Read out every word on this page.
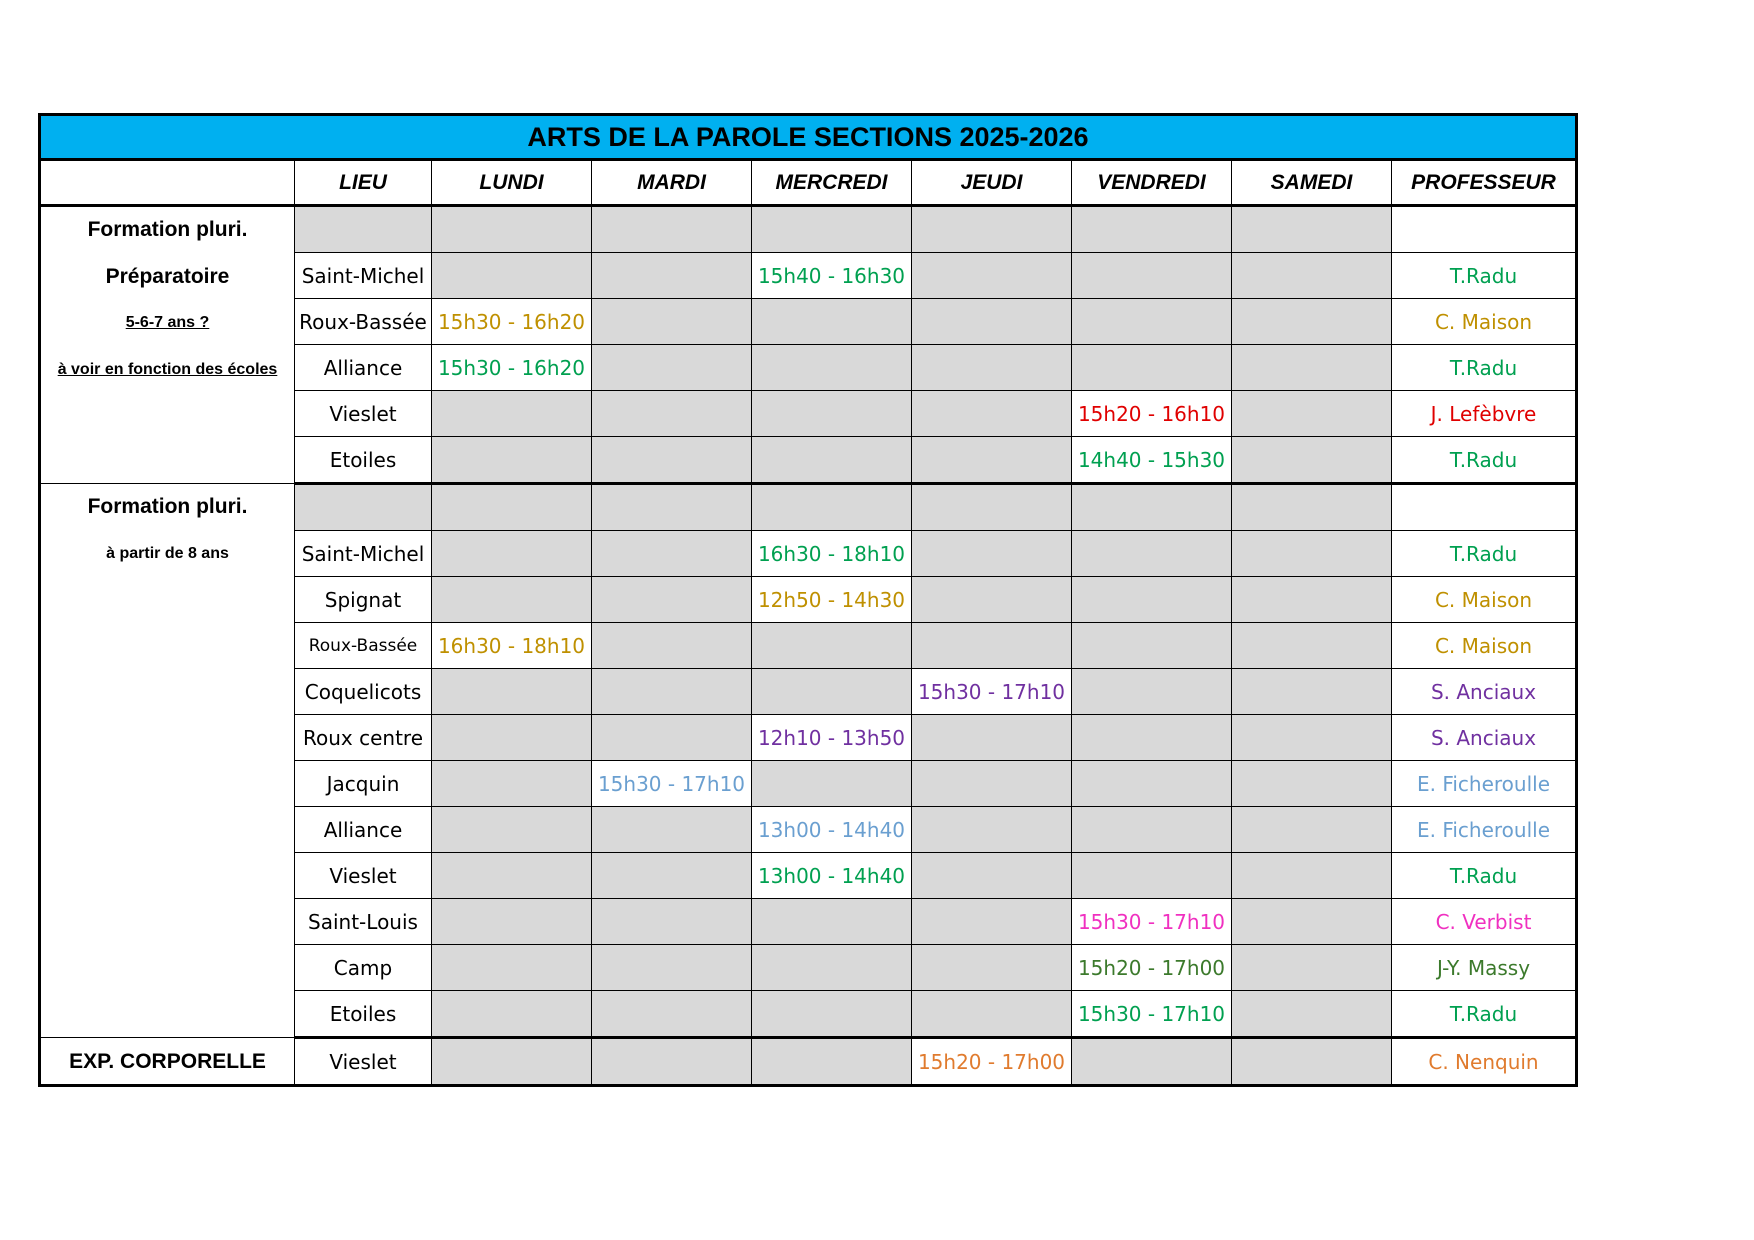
ARTS DE LA PAROLE SECTIONS 2025-2026								
	LIEU	LUNDI	MARDI	MERCREDI	JEUDI	VENDREDI	SAMEDI	PROFESSEUR

Formation pluri.
Préparatoire
5-6-7 ans ?
à voir en fonction des écoles								

	Saint-Michel			15h40 - 16h30				T.Radu
	Roux-Bassée	15h30 - 16h20						C. Maison
	Alliance	15h30 - 16h20						T.Radu
	Vieslet					15h20 - 16h10		J. Lefèbvre
	Etoiles					14h40 - 15h30		T.Radu

Formation pluri.
à partir de 8 ans								

	Saint-Michel			16h30 - 18h10				T.Radu
	Spignat			12h50 - 14h30				C. Maison
	Roux-Bassée	16h30 - 18h10						C. Maison
	Coquelicots				15h30 - 17h10			S. Anciaux
	Roux centre			12h10 - 13h50				S. Anciaux
	Jacquin		15h30 - 17h10					E. Ficheroulle
	Alliance			13h00 - 14h40				E. Ficheroulle
	Vieslet			13h00 - 14h40				T.Radu
	Saint-Louis					15h30 - 17h10		C. Verbist
	Camp					15h20 - 17h00		J-Y. Massy
	Etoiles					15h30 - 17h10		T.Radu
EXP. CORPORELLE	Vieslet				15h20 - 17h00			C. Nenquin
